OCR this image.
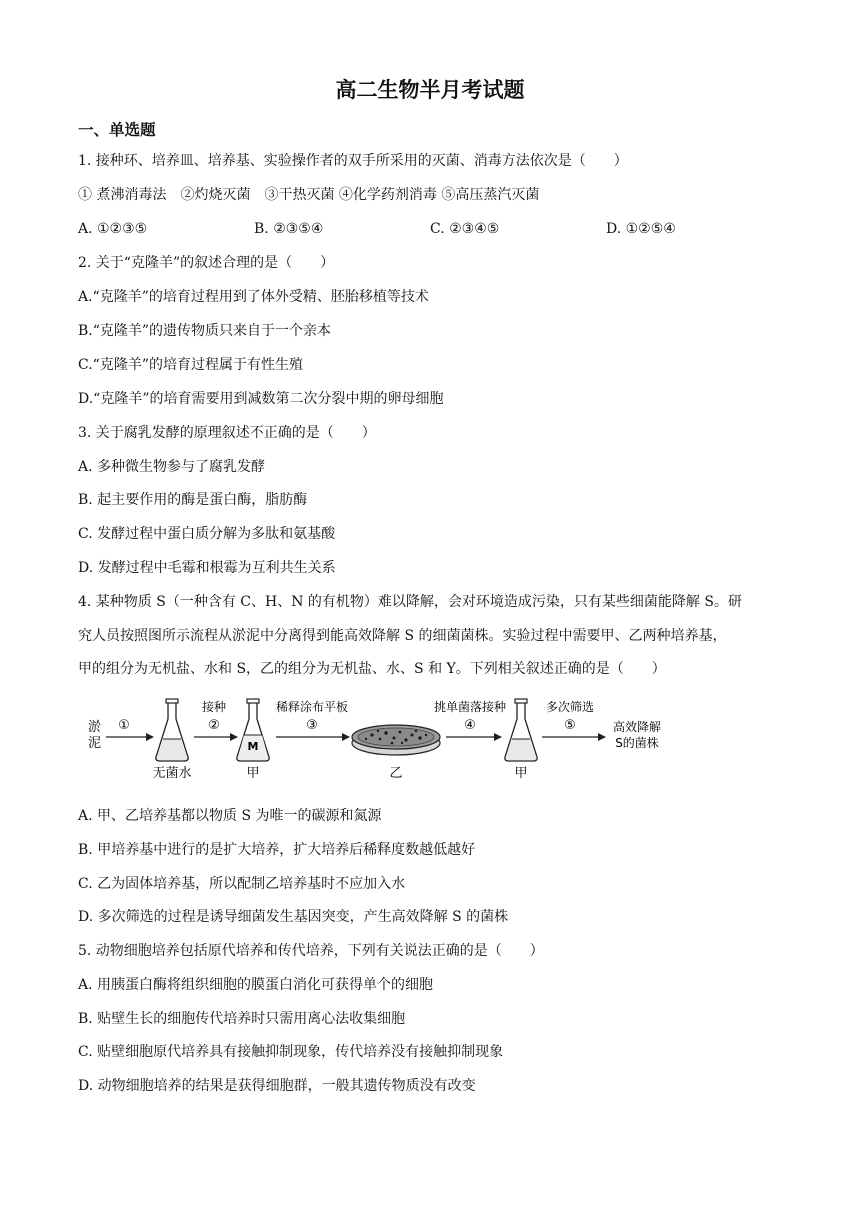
高二生物半月考试题
一、单选题
1. 接种环、培养皿、培养基、实验操作者的双手所采用的灭菌、消毒方法依次是（　　）
① 煮沸消毒法　②灼烧灭菌　③干热灭菌 ④化学药剂消毒 ⑤高压蒸汽灭菌
A. ①②③⑤	B. ②③⑤④	C. ②③④⑤	D. ①②⑤④
2. 关于“克隆羊”的叙述合理的是（　　）
A.“克隆羊”的培育过程用到了体外受精、胚胎移植等技术
B.“克隆羊”的遗传物质只来自于一个亲本
C.“克隆羊”的培育过程属于有性生殖
D.“克隆羊”的培育需要用到减数第二次分裂中期的卵母细胞
3. 关于腐乳发酵的原理叙述不正确的是（　　）
A. 多种微生物参与了腐乳发酵
B. 起主要作用的酶是蛋白酶，脂肪酶
C. 发酵过程中蛋白质分解为多肽和氨基酸
D. 发酵过程中毛霉和根霉为互利共生关系
4. 某种物质 S（一种含有 C、H、N 的有机物）难以降解，会对环境造成污染，只有某些细菌能降解 S。研
究人员按照图所示流程从淤泥中分离得到能高效降解 S 的细菌菌株。实验过程中需要甲、乙两种培养基，
甲的组分为无机盐、水和 S，乙的组分为无机盐、水、S 和 Y。下列相关叙述正确的是（　　）
淤
泥
①
无菌水
接种
②
M
甲
稀释涂布平板
③
乙
挑单菌落接种
④
甲
多次筛选
⑤	高效降解
S的菌株
A. 甲、乙培养基都以物质 S 为唯一的碳源和氮源
B. 甲培养基中进行的是扩大培养，扩大培养后稀释度数越低越好
C. 乙为固体培养基，所以配制乙培养基时不应加入水
D. 多次筛选的过程是诱导细菌发生基因突变，产生高效降解 S 的菌株
5. 动物细胞培养包括原代培养和传代培养，下列有关说法正确的是（　　）
A. 用胰蛋白酶将组织细胞的膜蛋白消化可获得单个的细胞
B. 贴壁生长的细胞传代培养时只需用离心法收集细胞
C. 贴壁细胞原代培养具有接触抑制现象，传代培养没有接触抑制现象
D. 动物细胞培养的结果是获得细胞群，一般其遗传物质没有改变
